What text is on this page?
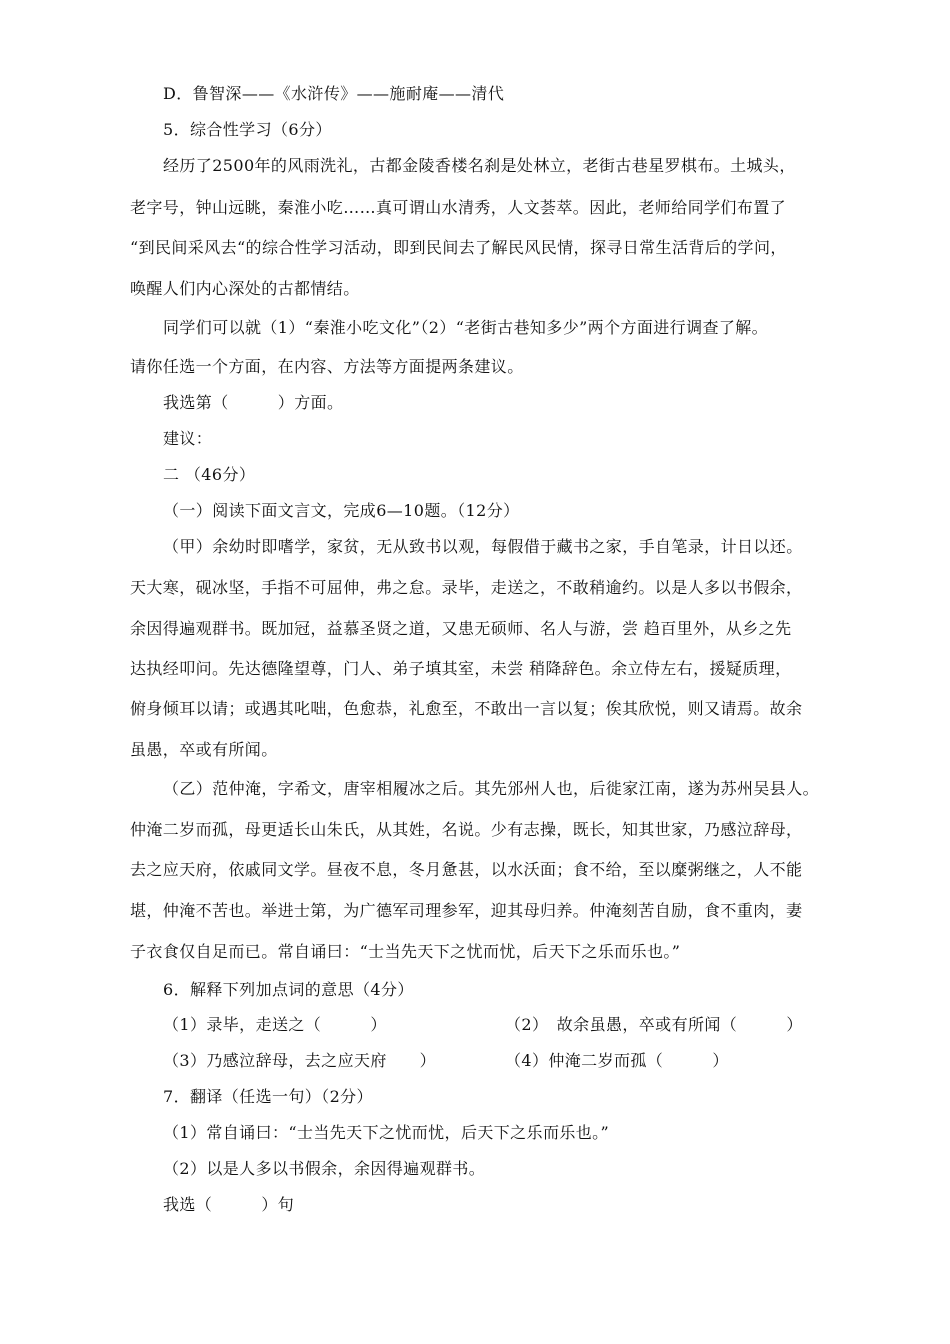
D．鲁智深——《水浒传》——施耐庵——清代
5．综合性学习（6分）
经历了2500年的风雨洗礼，古都金陵香楼名刹是处林立，老街古巷星罗棋布。土城头，
老字号，钟山远眺，秦淮小吃……真可谓山水清秀，人文荟萃。因此，老师给同学们布置了
“到民间采风去“的综合性学习活动，即到民间去了解民风民情，探寻日常生活背后的学问，
唤醒人们内心深处的古都情结。
同学们可以就（1）“秦淮小吃文化”（2）“老街古巷知多少”两个方面进行调查了解。
请你任选一个方面，在内容、方法等方面提两条建议。
我选第（　　　）方面。
建议：
二 （46分）
（一）阅读下面文言文，完成6—10题。（12分）
（甲）余幼时即嗜学，家贫，无从致书以观，每假借于藏书之家，手自笔录，计日以还。
天大寒，砚冰坚，手指不可屈伸，弗之怠。录毕，走送之，不敢稍逾约。以是人多以书假余，
余因得遍观群书。既加冠，益慕圣贤之道，又患无硕师、名人与游，尝 趋百里外，从乡之先
达执经叩问。先达德隆望尊，门人、弟子填其室，未尝 稍降辞色。余立侍左右，援疑质理，
俯身倾耳以请；或遇其叱咄，色愈恭，礼愈至，不敢出一言以复；俟其欣悦，则又请焉。故余
虽愚，卒或有所闻。
（乙）范仲淹，字希文，唐宰相履冰之后。其先邠州人也，后徙家江南，遂为苏州吴县人。
仲淹二岁而孤，母更适长山朱氏，从其姓，名说。少有志操，既长，知其世家，乃感泣辞母，
去之应天府，依戚同文学。昼夜不息，冬月惫甚，以水沃面；食不给，至以糜粥继之，人不能
堪，仲淹不苦也。举进士第，为广德军司理参军，迎其母归养。仲淹刻苦自励，食不重肉，妻
子衣食仅自足而已。常自诵曰：“士当先天下之忧而忧，后天下之乐而乐也。”
6．解释下列加点词的意思（4分）
（1）录毕，走送之（　　　）	（2）　故余虽愚，卒或有所闻（　　　）
（3）乃感泣辞母，去之应天府　　）	（4）仲淹二岁而孤（　　　）
7．翻译（任选一句）（2分）
（1）常自诵曰：“士当先天下之忧而忧，后天下之乐而乐也。”
（2）以是人多以书假余，余因得遍观群书。
我选（　　　）句
